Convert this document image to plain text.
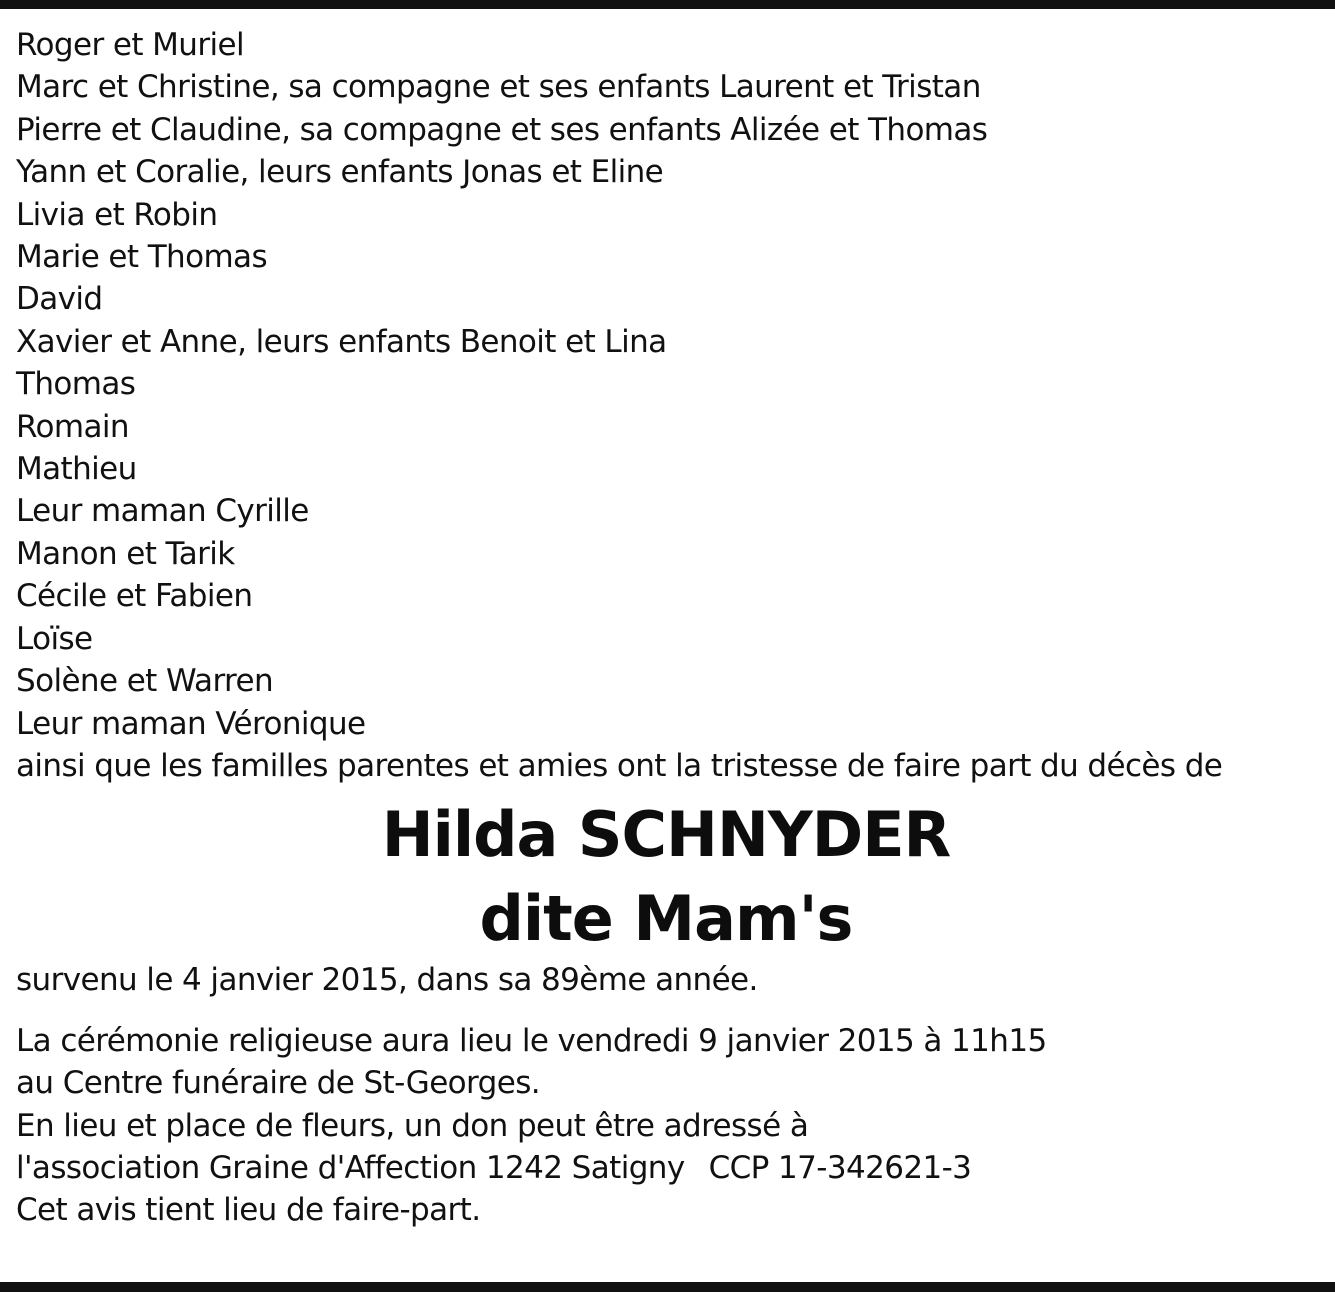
Roger et Muriel
Marc et Christine, sa compagne et ses enfants Laurent et Tristan
Pierre et Claudine, sa compagne et ses enfants Alizée et Thomas
Yann et Coralie, leurs enfants Jonas et Eline
Livia et Robin
Marie et Thomas
David
Xavier et Anne, leurs enfants Benoit et Lina
Thomas
Romain
Mathieu
Leur maman Cyrille
Manon et Tarik
Cécile et Fabien
Loïse
Solène et Warren
Leur maman Véronique
ainsi que les familles parentes et amies ont la tristesse de faire part du décès de
Hilda SCHNYDER
dite Mam's
survenu le 4 janvier 2015, dans sa 89ème année.
La cérémonie religieuse aura lieu le vendredi 9 janvier 2015 à 11h15
au Centre funéraire de St-Georges.
En lieu et place de fleurs, un don peut être adressé à
l'association Graine d'Affection 1242 Satigny CCP 17-342621-3
Cet avis tient lieu de faire-part.
